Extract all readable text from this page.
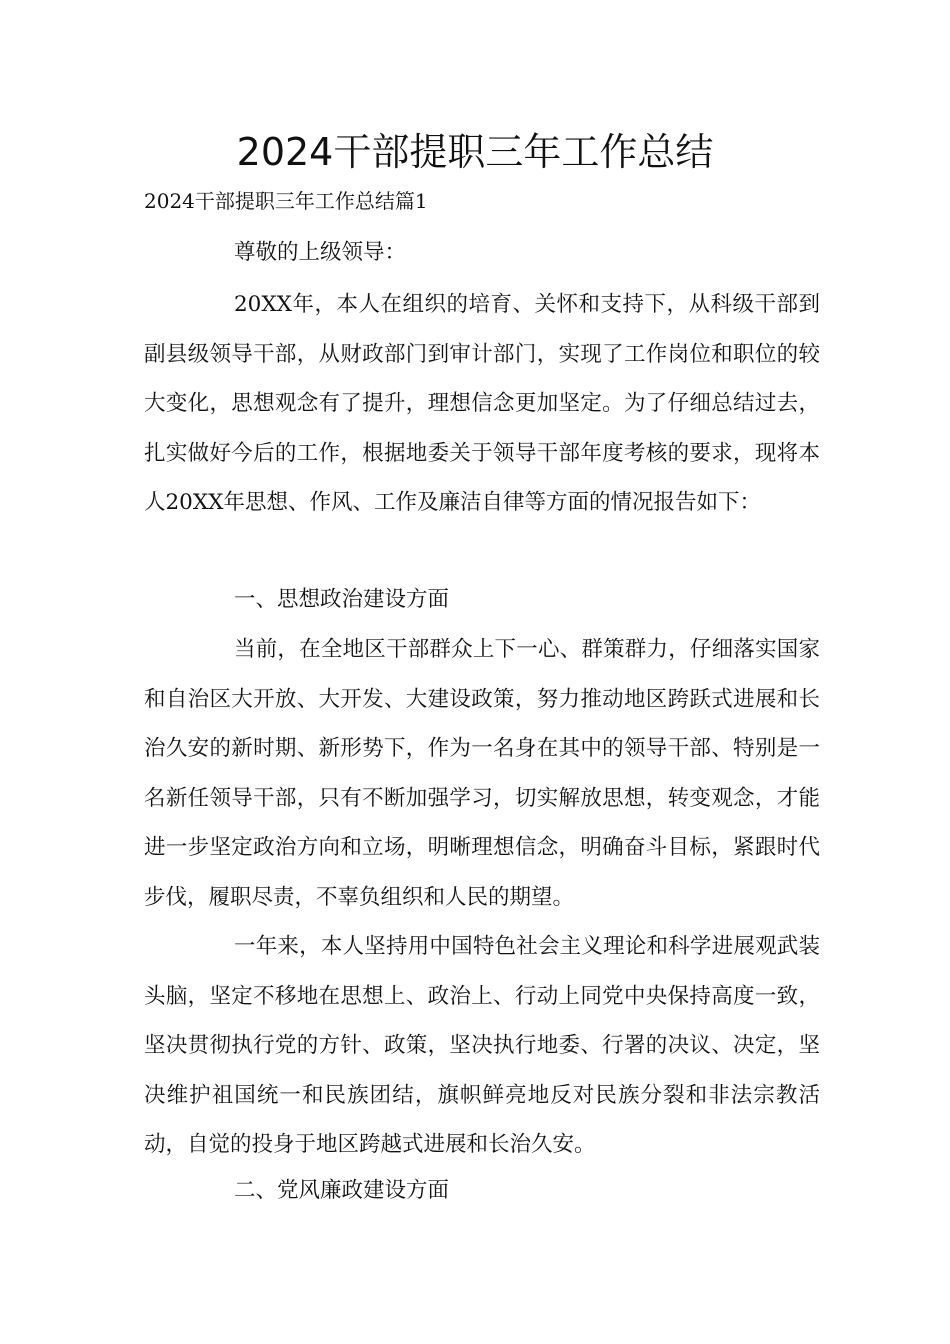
2024干部提职三年工作总结

2024干部提职三年工作总结篇1

尊敬的上级领导：

20XX年，本人在组织的培育、关怀和支持下，从科级干部到副县级领导干部，从财政部门到审计部门，实现了工作岗位和职位的较大变化，思想观念有了提升，理想信念更加坚定。为了仔细总结过去，扎实做好今后的工作，根据地委关于领导干部年度考核的要求，现将本人20XX年思想、作风、工作及廉洁自律等方面的情况报告如下：

一、思想政治建设方面

当前，在全地区干部群众上下一心、群策群力，仔细落实国家和自治区大开放、大开发、大建设政策，努力推动地区跨跃式进展和长治久安的新时期、新形势下，作为一名身在其中的领导干部、特别是一名新任领导干部，只有不断加强学习，切实解放思想，转变观念，才能进一步坚定政治方向和立场，明晰理想信念，明确奋斗目标，紧跟时代步伐，履职尽责，不辜负组织和人民的期望。

一年来，本人坚持用中国特色社会主义理论和科学进展观武装头脑，坚定不移地在思想上、政治上、行动上同党中央保持高度一致，坚决贯彻执行党的方针、政策，坚决执行地委、行署的决议、决定，坚决维护祖国统一和民族团结，旗帜鲜亮地反对民族分裂和非法宗教活动，自觉的投身于地区跨越式进展和长治久安。

二、党风廉政建设方面
